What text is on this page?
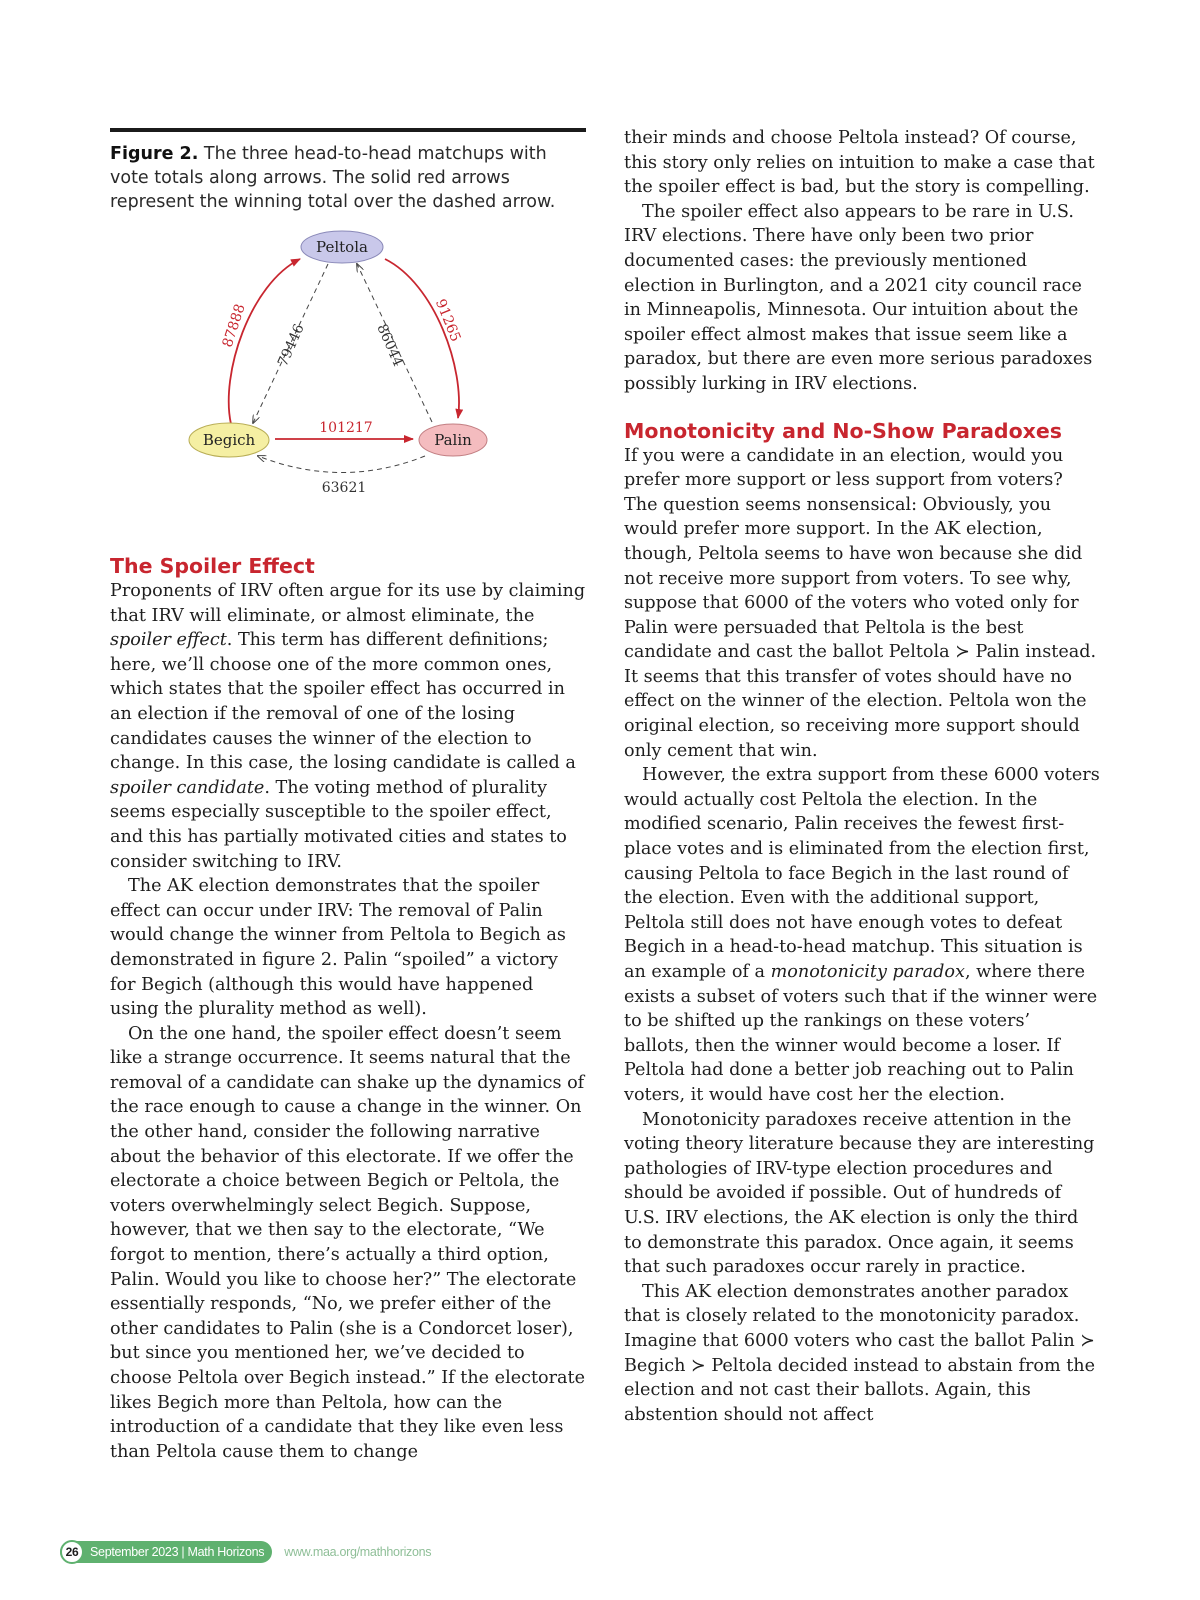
Figure 2. The three head-to-head matchups with vote totals along arrows. The solid red arrows represent the winning total over the dashed arrow.

Peltola
Begich	Palin
87888 79446	86044
91265
101217
63621
The Spoiler Effect

Proponents of IRV often argue for its use by claiming that IRV will eliminate, or almost eliminate, the spoiler effect. This term has different definitions; here, we’ll choose one of the more common ones, which states that the spoiler effect has occurred in an election if the removal of one of the losing candidates causes the winner of the election to change. In this case, the losing candidate is called a spoiler candidate. The voting method of plurality seems especially susceptible to the spoiler effect, and this has partially motivated cities and states to consider switching to IRV.

The AK election demonstrates that the spoiler effect can occur under IRV: The removal of Palin would change the winner from Peltola to Begich as demonstrated in figure 2. Palin “spoiled” a victory for Begich (although this would have happened using the plurality method as well).

On the one hand, the spoiler effect doesn’t seem like a strange occurrence. It seems natural that the removal of a candidate can shake up the dynamics of the race enough to cause a change in the winner. On the other hand, consider the following narrative about the behavior of this electorate. If we offer the electorate a choice between Begich or Peltola, the voters overwhelmingly select Begich. Suppose, however, that we then say to the electorate, “We forgot to mention, there’s actually a third option, Palin. Would you like to choose her?” The electorate essentially responds, “No, we prefer either of the other candidates to Palin (she is a Condorcet loser), but since you mentioned her, we’ve decided to choose Peltola over Begich instead.” If the electorate likes Begich more than Peltola, how can the introduction of a candidate that they like even less than Peltola cause them to change

their minds and choose Peltola instead? Of course, this story only relies on intuition to make a case that the spoiler effect is bad, but the story is compelling.

The spoiler effect also appears to be rare in U.S. IRV elections. There have only been two prior documented cases: the previously mentioned election in Burlington, and a 2021 city council race in Minneapolis, Minnesota. Our intuition about the spoiler effect almost makes that issue seem like a paradox, but there are even more serious paradoxes possibly lurking in IRV elections.

Monotonicity and No-Show Paradoxes

If you were a candidate in an election, would you prefer more support or less support from voters? The question seems nonsensical: Obviously, you would prefer more support. In the AK election, though, Peltola seems to have won because she did not receive more support from voters. To see why, suppose that 6000 of the voters who voted only for Palin were persuaded that Peltola is the best candidate and cast the ballot Peltola ≻ Palin instead. It seems that this transfer of votes should have no effect on the winner of the election. Peltola won the original election, so receiving more support should only cement that win.

However, the extra support from these 6000 voters would actually cost Peltola the election. In the modified scenario, Palin receives the fewest first-place votes and is eliminated from the election first, causing Peltola to face Begich in the last round of the election. Even with the additional support, Peltola still does not have enough votes to defeat Begich in a head-to-head matchup. This situation is an example of a monotonicity paradox, where there exists a subset of voters such that if the winner were to be shifted up the rankings on these voters’ ballots, then the winner would become a loser. If Peltola had done a better job reaching out to Palin voters, it would have cost her the election.

Monotonicity paradoxes receive attention in the voting theory literature because they are interesting pathologies of IRV-type election procedures and should be avoided if possible. Out of hundreds of U.S. IRV elections, the AK election is only the third to demonstrate this paradox. Once again, it seems that such paradoxes occur rarely in practice.

This AK election demonstrates another paradox that is closely related to the monotonicity paradox. Imagine that 6000 voters who cast the ballot Palin ≻ Begich ≻ Peltola decided instead to abstain from the election and not cast their ballots. Again, this abstention should not affect

26 September 2023 | Math Horizons www.maa.org/mathhorizons
